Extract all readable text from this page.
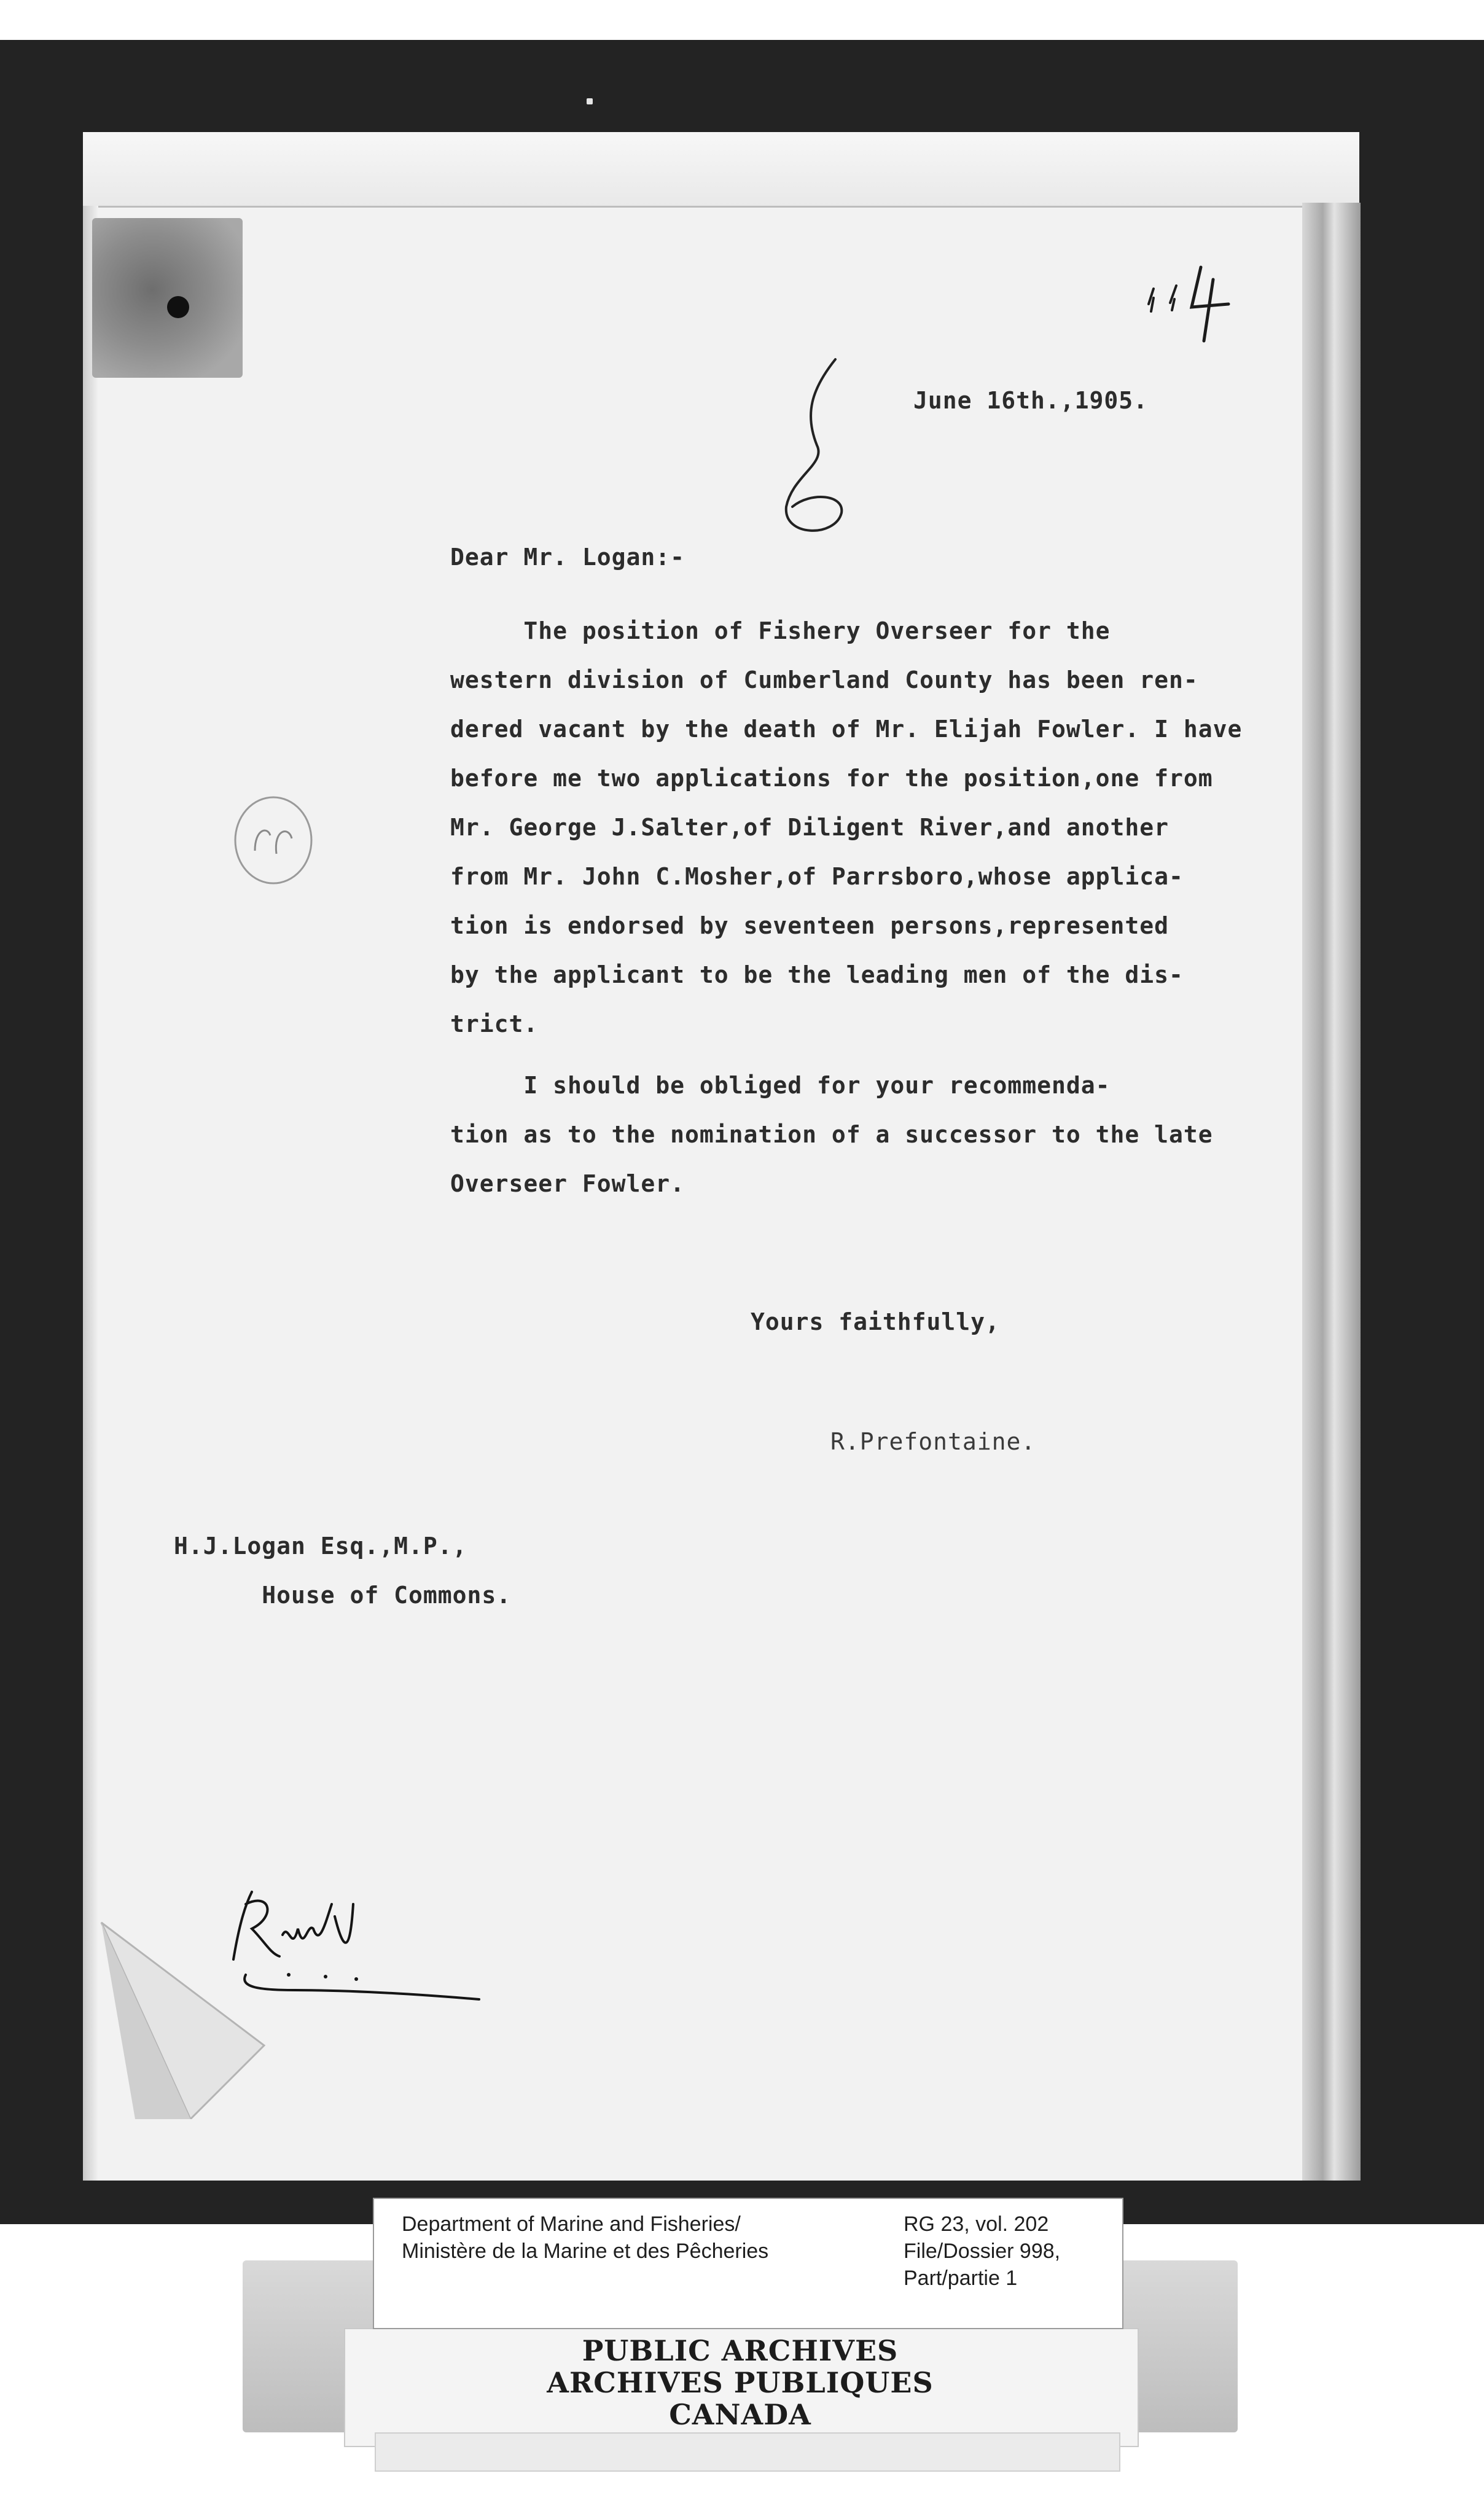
June 16th.,1905.
Dear Mr. Logan:-
The position of Fishery Overseer for the
western division of Cumberland County has been ren-
dered vacant by the death of Mr. Elijah Fowler. I have
before me two applications for the position,one from
Mr. George J.Salter,of Diligent River,and another
from Mr. John C.Mosher,of Parrsboro,whose applica-
tion is endorsed by seventeen persons,represented
by the applicant to be the leading men of the dis-
trict.
I should be obliged for your recommenda-
tion as to the nomination of a successor to the late
Overseer Fowler.
Yours faithfully,
R.Prefontaine.
H.J.Logan Esq.,M.P.,
House of Commons.
Department of Marine and Fisheries/
Ministère de la Marine et des Pêcheries
RG 23, vol. 202
File/Dossier 998,
Part/partie 1
PUBLIC ARCHIVES
ARCHIVES PUBLIQUES
CANADA
